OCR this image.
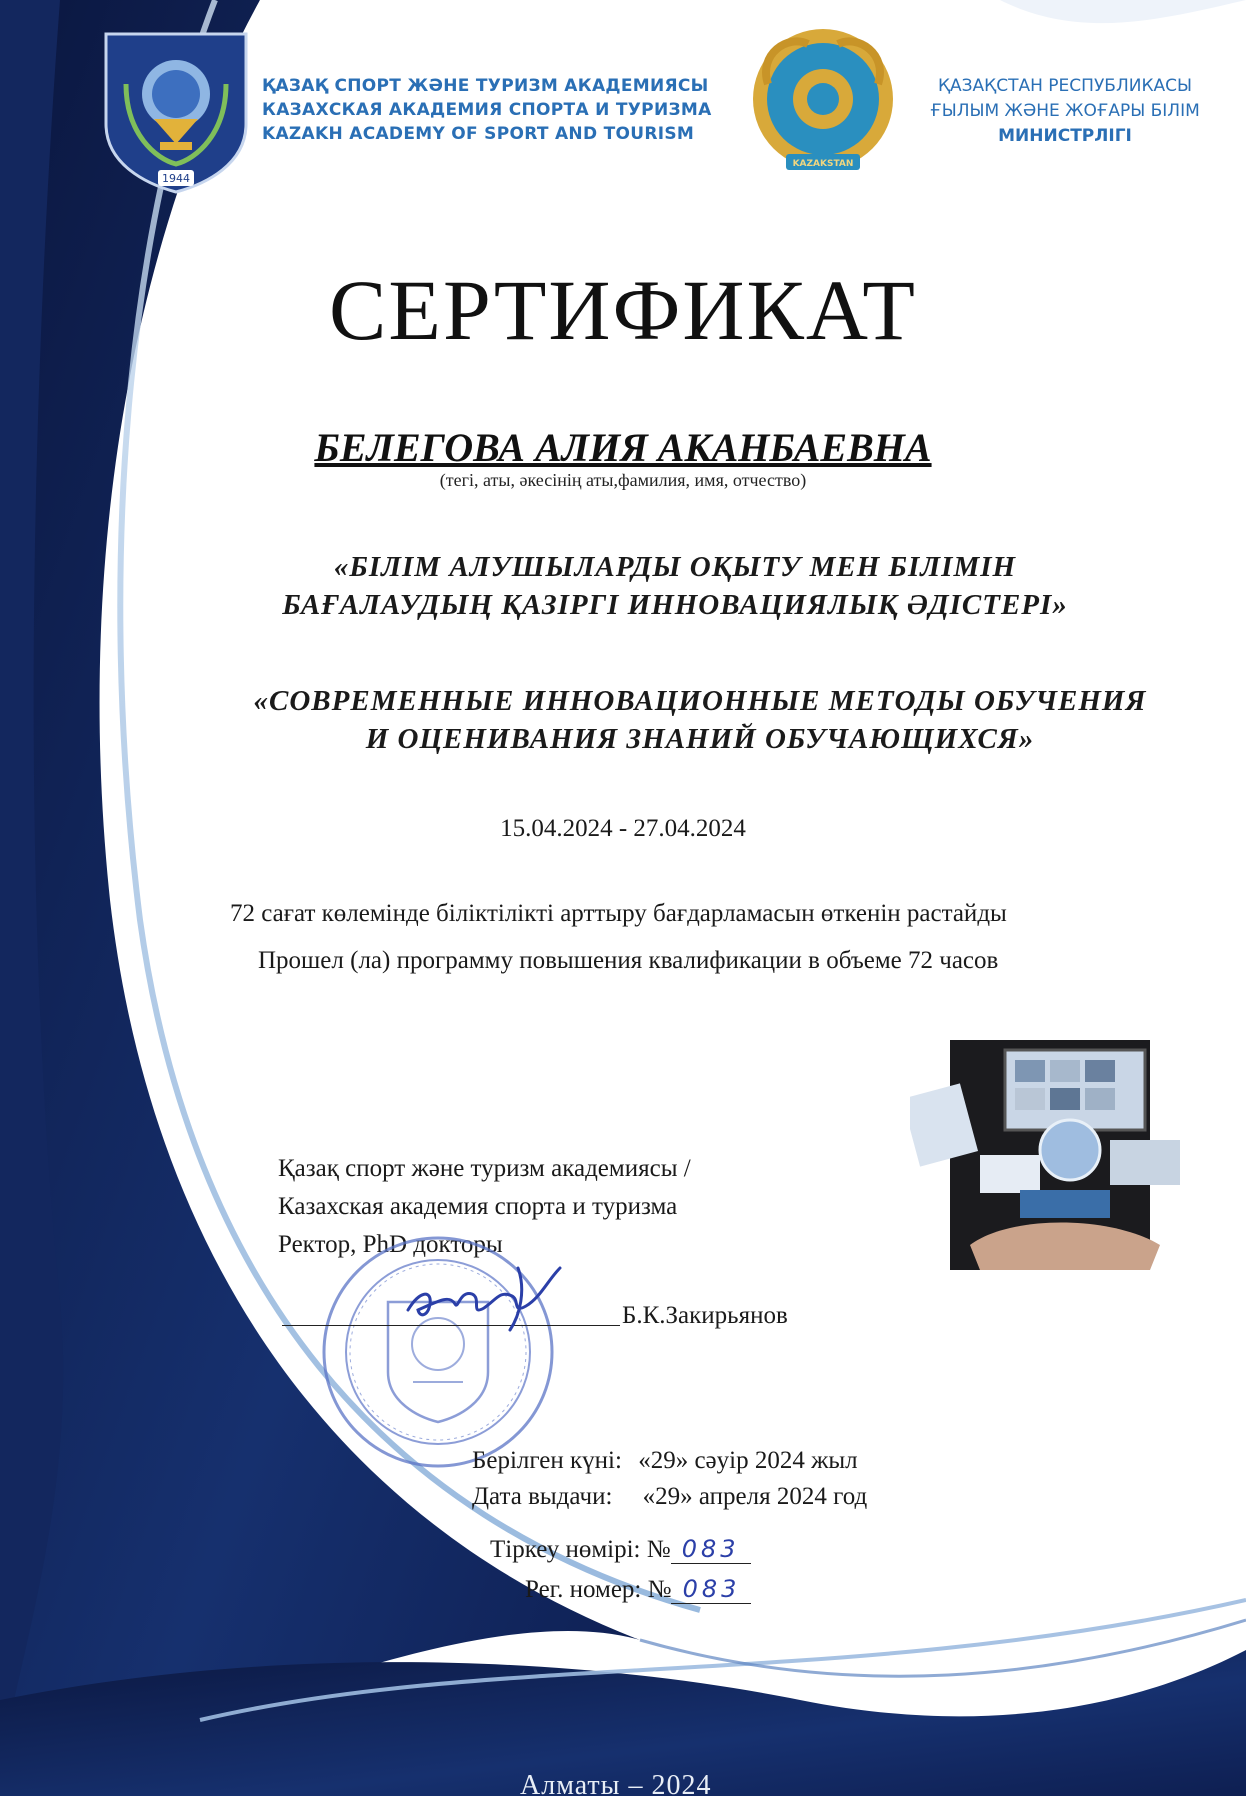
1944
ҚАЗАҚ СПОРТ ЖӘНЕ ТУРИЗМ АКАДЕМИЯСЫ
КАЗАХСКАЯ АКАДЕМИЯ СПОРТА И ТУРИЗМА
KAZAKH ACADEMY OF SPORT AND TOURISM
KAZAKSTAN
ҚАЗАҚСТАН РЕСПУБЛИКАСЫ
ҒЫЛЫМ ЖӘНЕ ЖОҒАРЫ БІЛІМ
МИНИСТРЛІГІ
СЕРТИФИКАТ
БЕЛЕГОВА АЛИЯ АКАНБАЕВНА
(тегі, аты, әкесінің аты,фамилия, имя, отчество)
«БІЛІМ АЛУШЫЛАРДЫ ОҚЫТУ МЕН БІЛІМІН
БАҒАЛАУДЫҢ ҚАЗІРГІ ИННОВАЦИЯЛЫҚ ӘДІСТЕРІ»
«СОВРЕМЕННЫЕ ИННОВАЦИОННЫЕ МЕТОДЫ ОБУЧЕНИЯ
И ОЦЕНИВАНИЯ ЗНАНИЙ ОБУЧАЮЩИХСЯ»
15.04.2024 - 27.04.2024
72 сағат көлемінде біліктілікті арттыру бағдарламасын өткенін растайды
Прошел (ла) программу повышения квалификации в объеме 72 часов
Қазақ спорт және туризм академиясы /
Казахская академия спорта и туризма
Ректор, PhD докторы
Б.К.Закирьянов
Берілген күні: «29» сәуір 2024 жыл
Дата выдачи: «29» апреля 2024 год
Тіркеу нөмірі: № 083
Рег. номер: № 083
Алматы – 2024
